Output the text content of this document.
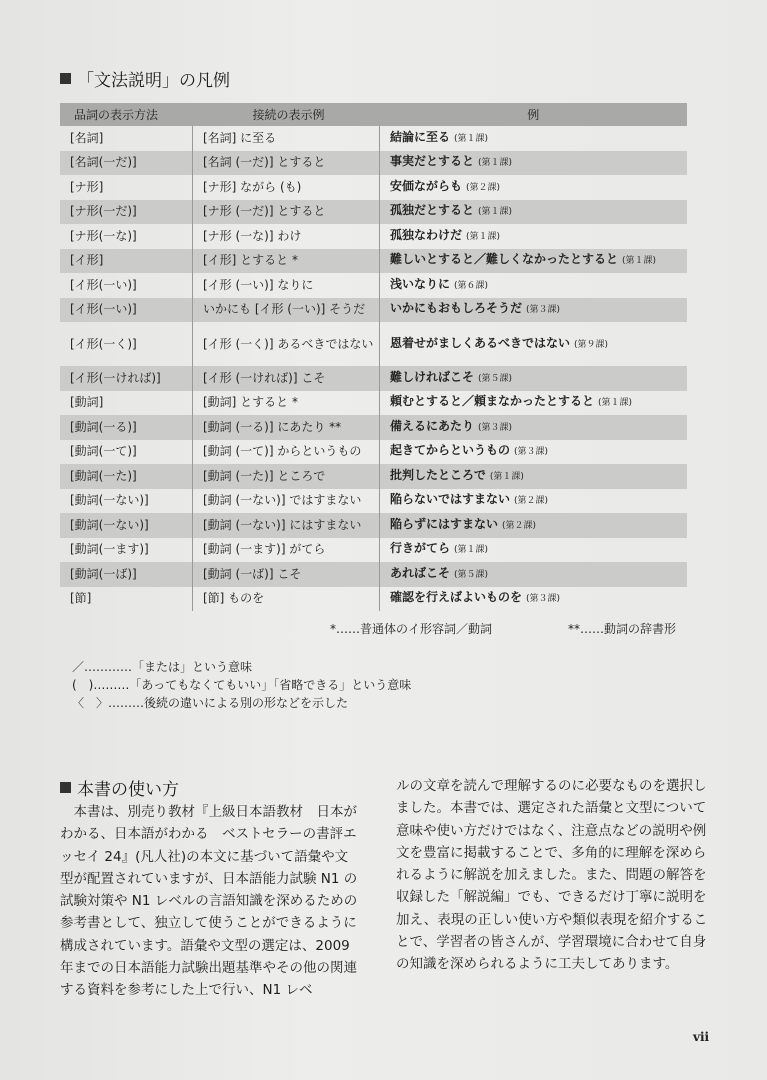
「文法説明」の凡例
品詞の表示方法	接続の表示例	例
[名詞]	[名詞] に至る	結論に至る (第１課)
[名詞(一だ)]	[名詞 (一だ)] とすると	事実だとすると (第１課)
[ナ形]	[ナ形] ながら (も)	安価ながらも (第２課)
[ナ形(一だ)]	[ナ形 (一だ)] とすると	孤独だとすると (第１課)
[ナ形(一な)]	[ナ形 (一な)] わけ	孤独なわけだ (第１課)
[イ形]	[イ形] とすると *	難しいとすると／難しくなかったとすると (第１課)
[イ形(一い)]	[イ形 (一い)] なりに	浅いなりに (第６課)
[イ形(一い)]	いかにも [イ形 (一い)] そうだ	いかにもおもしろそうだ (第３課)
[イ形(一く)]	[イ形 (一く)] あるべきではない	恩着せがましくあるべきではない (第９課)
[イ形(一ければ)]	[イ形 (一ければ)] こそ	難しければこそ (第５課)
[動詞]	[動詞] とすると *	頼むとすると／頼まなかったとすると (第１課)
[動詞(一る)]	[動詞 (一る)] にあたり **	備えるにあたり (第３課)
[動詞(一て)]	[動詞 (一て)] からというもの	起きてからというもの (第３課)
[動詞(一た)]	[動詞 (一た)] ところで	批判したところで (第１課)
[動詞(一ない)]	[動詞 (一ない)] ではすまない	陥らないではすまない (第２課)
[動詞(一ない)]	[動詞 (一ない)] にはすまない	陥らずにはすまない (第２課)
[動詞(一ます)]	[動詞 (一ます)] がてら	行きがてら (第１課)
[動詞(一ば)]	[動詞 (一ば)] こそ	あればこそ (第５課)
[節]	[節] ものを	確認を行えばよいものを (第３課)
*……普通体のイ形容詞／動詞	**……動詞の辞書形
／…………「または」という意味
(　)………「あってもなくてもいい」「省略できる」という意味
〈　〉………後続の違いによる別の形などを示した
本書の使い方
本書は、別売り教材『上級日本語教材　日本がわかる、日本語がわかる　ベストセラーの書評エッセイ 24』(凡人社)の本文に基づいて語彙や文型が配置されていますが、日本語能力試験 N1 の試験対策や N1 レベルの言語知識を深めるための参考書として、独立して使うことができるように構成されています。語彙や文型の選定は、2009 年までの日本語能力試験出題基準やその他の関連する資料を参考にした上で行い、N1 レベ
ルの文章を読んで理解するのに必要なものを選択しました。本書では、選定された語彙と文型について意味や使い方だけではなく、注意点などの説明や例文を豊富に掲載することで、多角的に理解を深められるように解説を加えました。また、問題の解答を収録した「解説編」でも、できるだけ丁寧に説明を加え、表現の正しい使い方や類似表現を紹介することで、学習者の皆さんが、学習環境に合わせて自身の知識を深められるように工夫してあります。
vii
